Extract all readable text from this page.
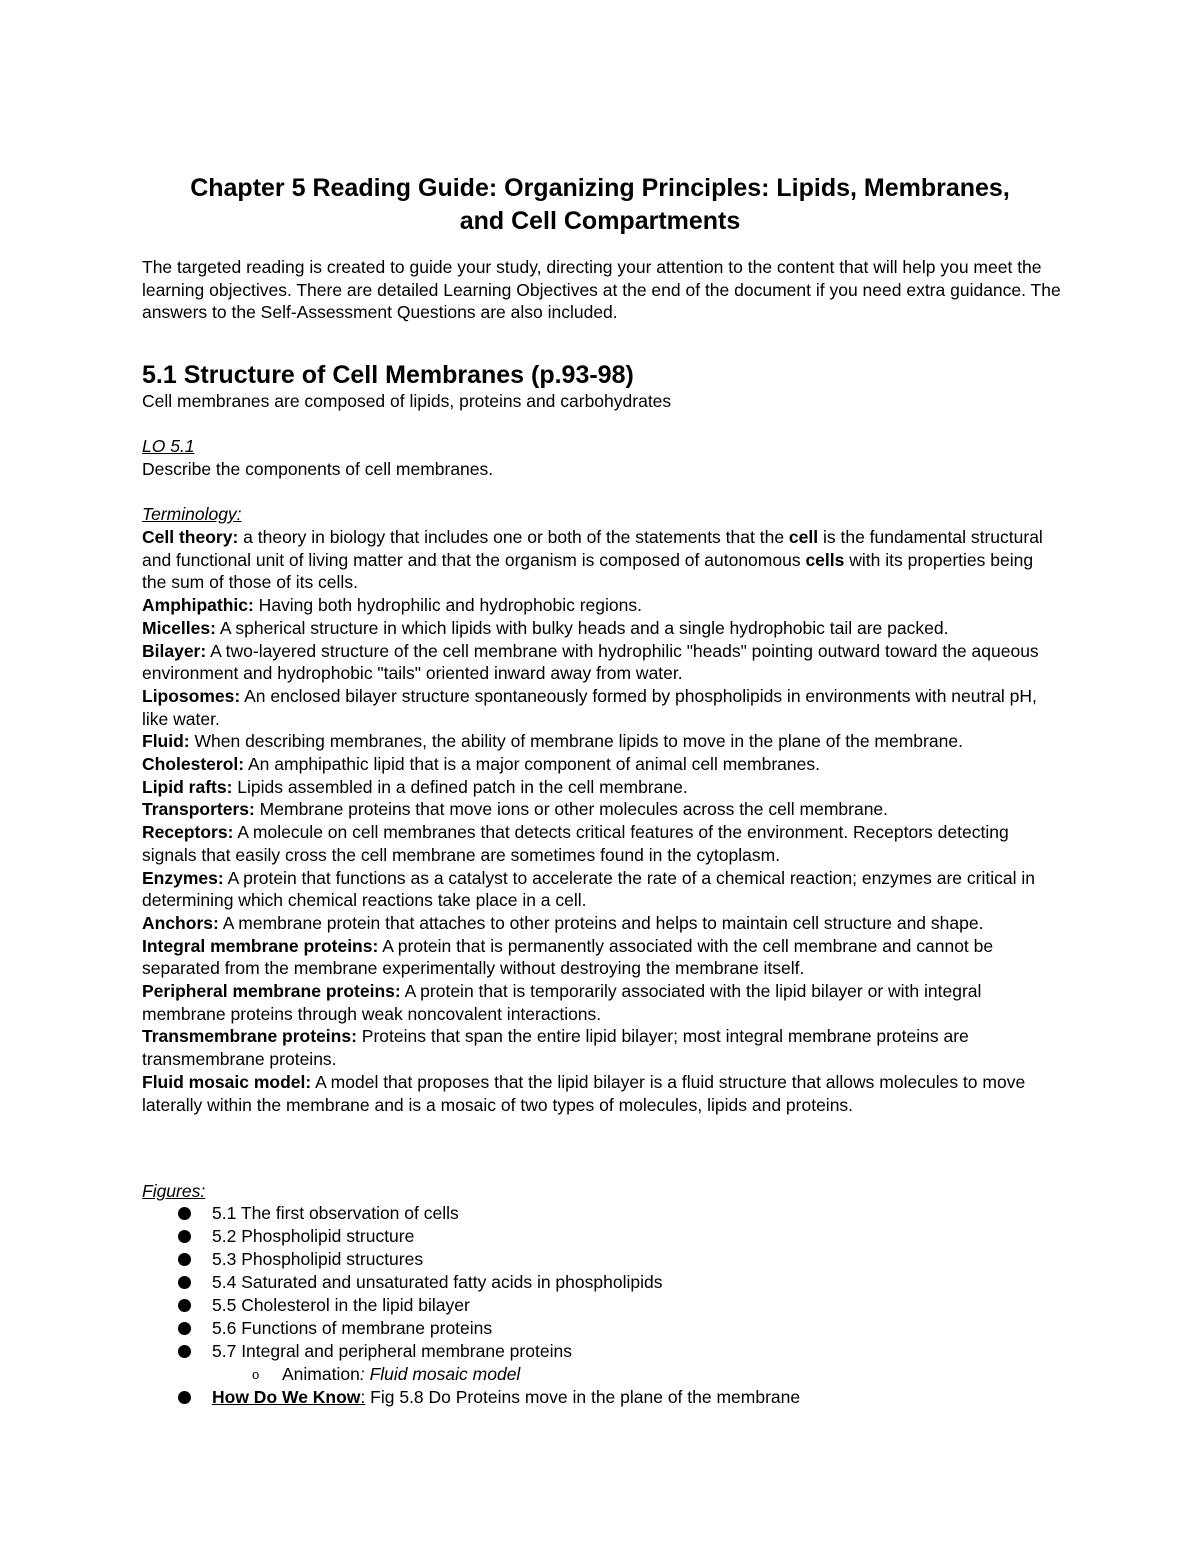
Chapter 5 Reading Guide: Organizing Principles: Lipids, Membranes,
and Cell Compartments

The targeted reading is created to guide your study, directing your attention to the content that will help you meet the learning objectives. There are detailed Learning Objectives at the end of the document if you need extra guidance. The answers to the Self-Assessment Questions are also included.

5.1 Structure of Cell Membranes (p.93-98)

Cell membranes are composed of lipids, proteins and carbohydrates

LO 5.1
Describe the components of cell membranes.
Terminology:
Cell theory: a theory in biology that includes one or both of the statements that the cell is the fundamental structural and functional unit of living matter and that the organism is composed of autonomous cells with its properties being the sum of those of its cells.
Amphipathic: Having both hydrophilic and hydrophobic regions.
Micelles: A spherical structure in which lipids with bulky heads and a single hydrophobic tail are packed.
Bilayer: A two-layered structure of the cell membrane with hydrophilic "heads" pointing outward toward the aqueous environment and hydrophobic "tails" oriented inward away from water.
Liposomes: An enclosed bilayer structure spontaneously formed by phospholipids in environments with neutral pH, like water.
Fluid: When describing membranes, the ability of membrane lipids to move in the plane of the membrane.
Cholesterol: An amphipathic lipid that is a major component of animal cell membranes.
Lipid rafts: Lipids assembled in a defined patch in the cell membrane.
Transporters: Membrane proteins that move ions or other molecules across the cell membrane.
Receptors: A molecule on cell membranes that detects critical features of the environment. Receptors detecting signals that easily cross the cell membrane are sometimes found in the cytoplasm.
Enzymes: A protein that functions as a catalyst to accelerate the rate of a chemical reaction; enzymes are critical in determining which chemical reactions take place in a cell.
Anchors: A membrane protein that attaches to other proteins and helps to maintain cell structure and shape.
Integral membrane proteins: A protein that is permanently associated with the cell membrane and cannot be separated from the membrane experimentally without destroying the membrane itself.
Peripheral membrane proteins: A protein that is temporarily associated with the lipid bilayer or with integral membrane proteins through weak noncovalent interactions.
Transmembrane proteins: Proteins that span the entire lipid bilayer; most integral membrane proteins are transmembrane proteins.
Fluid mosaic model: A model that proposes that the lipid bilayer is a fluid structure that allows molecules to move laterally within the membrane and is a mosaic of two types of molecules, lipids and proteins.
Figures:
5.1 The first observation of cells
5.2 Phospholipid structure
5.3 Phospholipid structures
5.4 Saturated and unsaturated fatty acids in phospholipids
5.5 Cholesterol in the lipid bilayer
5.6 Functions of membrane proteins
5.7 Integral and peripheral membrane proteins
o Animation: Fluid mosaic model
How Do We Know: Fig 5.8 Do Proteins move in the plane of the membrane
